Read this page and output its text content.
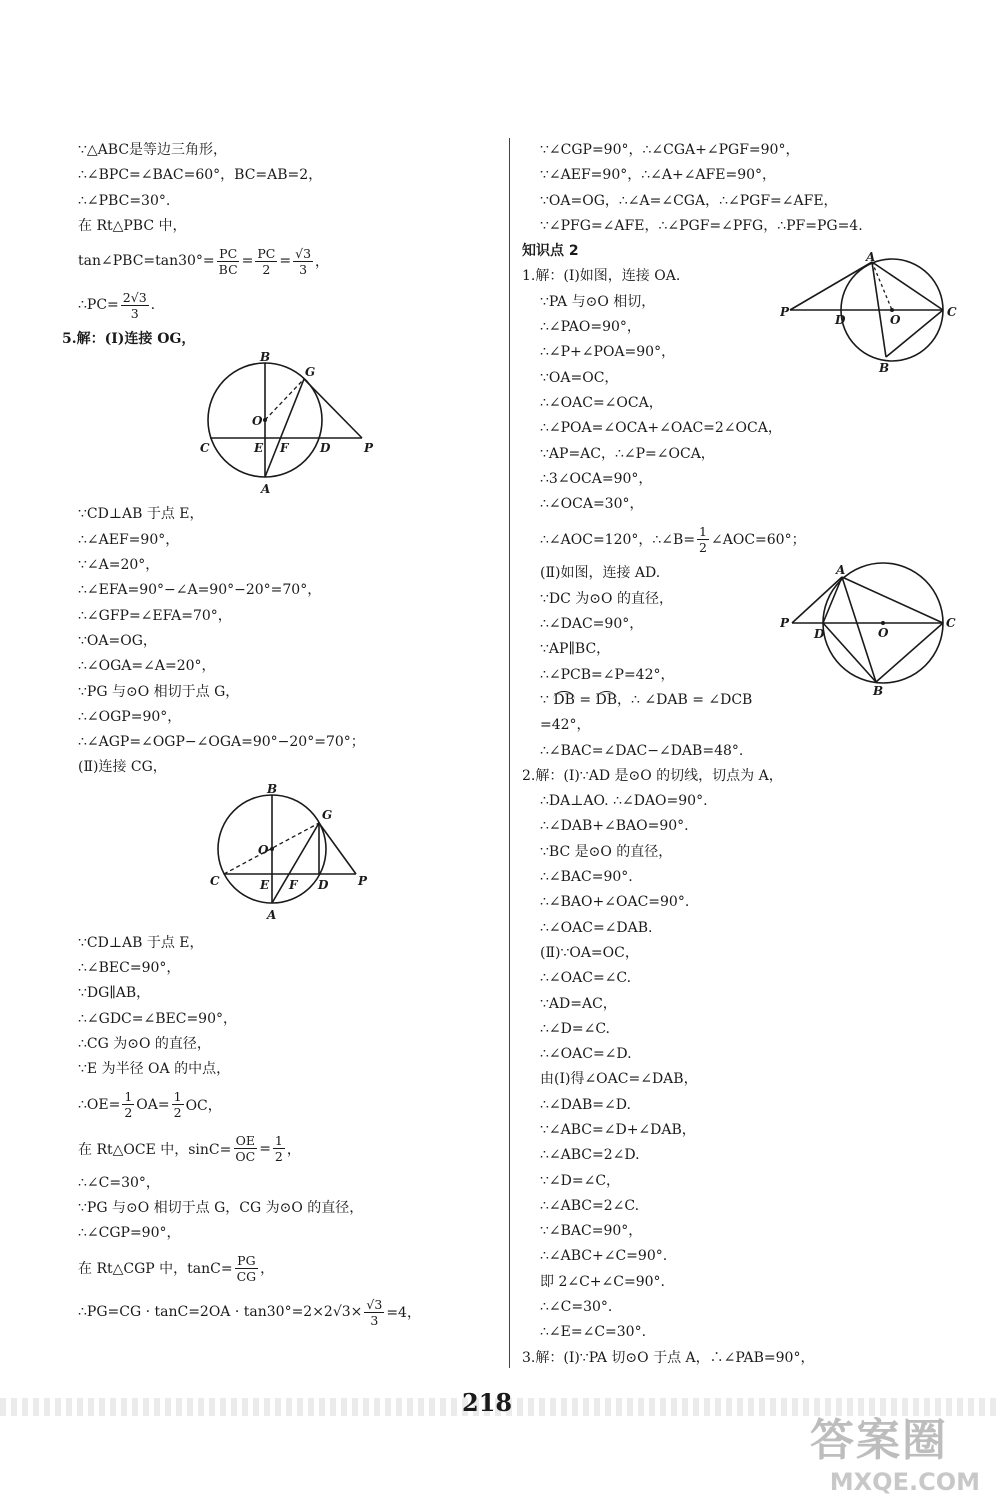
∵△ABC是等边三角形，
∴∠BPC=∠BAC=60°，BC=AB=2，
∴∠PBC=30°.
在 Rt△PBC 中，
tan∠PBC=tan30°= $\frac{PC}{BC} = \frac{PC}{2} = \frac{√3}{3}$ ，
∴PC= $\frac{2√3}{3}$ .
5.解：(Ⅰ)连接 OG，
B
G
O
C	E F	D	P
A
∵CD⊥AB 于点 E，
∴∠AEF=90°，
∵∠A=20°，
∴∠EFA=90°−∠A=90°−20°=70°，
∴∠GFP=∠EFA=70°，
∵OA=OG，
∴∠OGA=∠A=20°，
∵PG 与⊙O 相切于点 G，
∴∠OGP=90°，
∴∠AGP=∠OGP−∠OGA=90°−20°=70°；
(Ⅱ)连接 CG，
B
G
O
C	E F D P
A
∵CD⊥AB 于点 E，
∴∠BEC=90°，
∵DG∥AB，
∴∠GDC=∠BEC=90°，
∴CG 为⊙O 的直径，
∵E 为半径 OA 的中点，
∴OE= $\frac{1}{2} OA= \frac{1}{2}$ OC，
在 Rt△OCE 中，$\sin C= \frac{OE}{OC} = \frac{1}{2}$ ，
∴∠C=30°，
∵PG 与⊙O 相切于点 G，CG 为⊙O 的直径，
∴∠CGP=90°，
在 Rt△CGP 中，$\tan C= \frac{PG}{CG}$ ，
∴PG=CG · $\tan C=2OA \cdot \tan 30^\circ=2\times 2√3\times \frac{√3}{3} =4$，
∵∠CGP=90°，∴∠CGA+∠PGF=90°，
∵∠AEF=90°，∴∠A+∠AFE=90°，
∵OA=OG，∴∠A=∠CGA，∴∠PGF=∠AFE，
∵∠PFG=∠AFE，∴∠PGF=∠PFG，∴PF=PG=4.
知识点 2	A
P
D	O
C
B
1.解：(Ⅰ)如图，连接 OA.
∵PA 与⊙O 相切，
∴∠PAO=90°，
∴∠P+∠POA=90°，
∵OA=OC，
∴∠OAC=∠OCA，
∴∠POA=∠OCA+∠OAC=2∠OCA，
∵AP=AC，∴∠P=∠OCA，
∴3∠OCA=90°，
∴∠OCA=30°，
∴∠AOC=120°，∴∠B= $\frac{1}{2}$ ∠AOC=60°；
A
P
D	O
C
B
(Ⅱ)如图，连接 AD.
∵DC 为⊙O 的直径，
∴∠DAC=90°，
∵AP∥BC，
∴∠PCB=∠P=42°，
∵ DB = DB，∴ ∠DAB = ∠DCB
=42°，
∴∠BAC=∠DAC−∠DAB=48°.
2.解：(Ⅰ)∵AD 是⊙O 的切线，切点为 A，
∴DA⊥AO. ∴∠DAO=90°.
∴∠DAB+∠BAO=90°.
∵BC 是⊙O 的直径，
∴∠BAC=90°.
∴∠BAO+∠OAC=90°.
∴∠OAC=∠DAB.
(Ⅱ)∵OA=OC，
∴∠OAC=∠C.
∵AD=AC，
∴∠D=∠C.
∴∠OAC=∠D.
由(Ⅰ)得∠OAC=∠DAB，
∴∠DAB=∠D.
∵∠ABC=∠D+∠DAB，
∴∠ABC=2∠D.
∵∠D=∠C，
∴∠ABC=2∠C.
∵∠BAC=90°，
∴∠ABC+∠C=90°.
即 2∠C+∠C=90°.
∴∠C=30°.
∴∠E=∠C=30°.
3.解：(Ⅰ)∵PA 切⊙O 于点 A，∴∠PAB=90°，
218
答案圈
MXQE.COM
